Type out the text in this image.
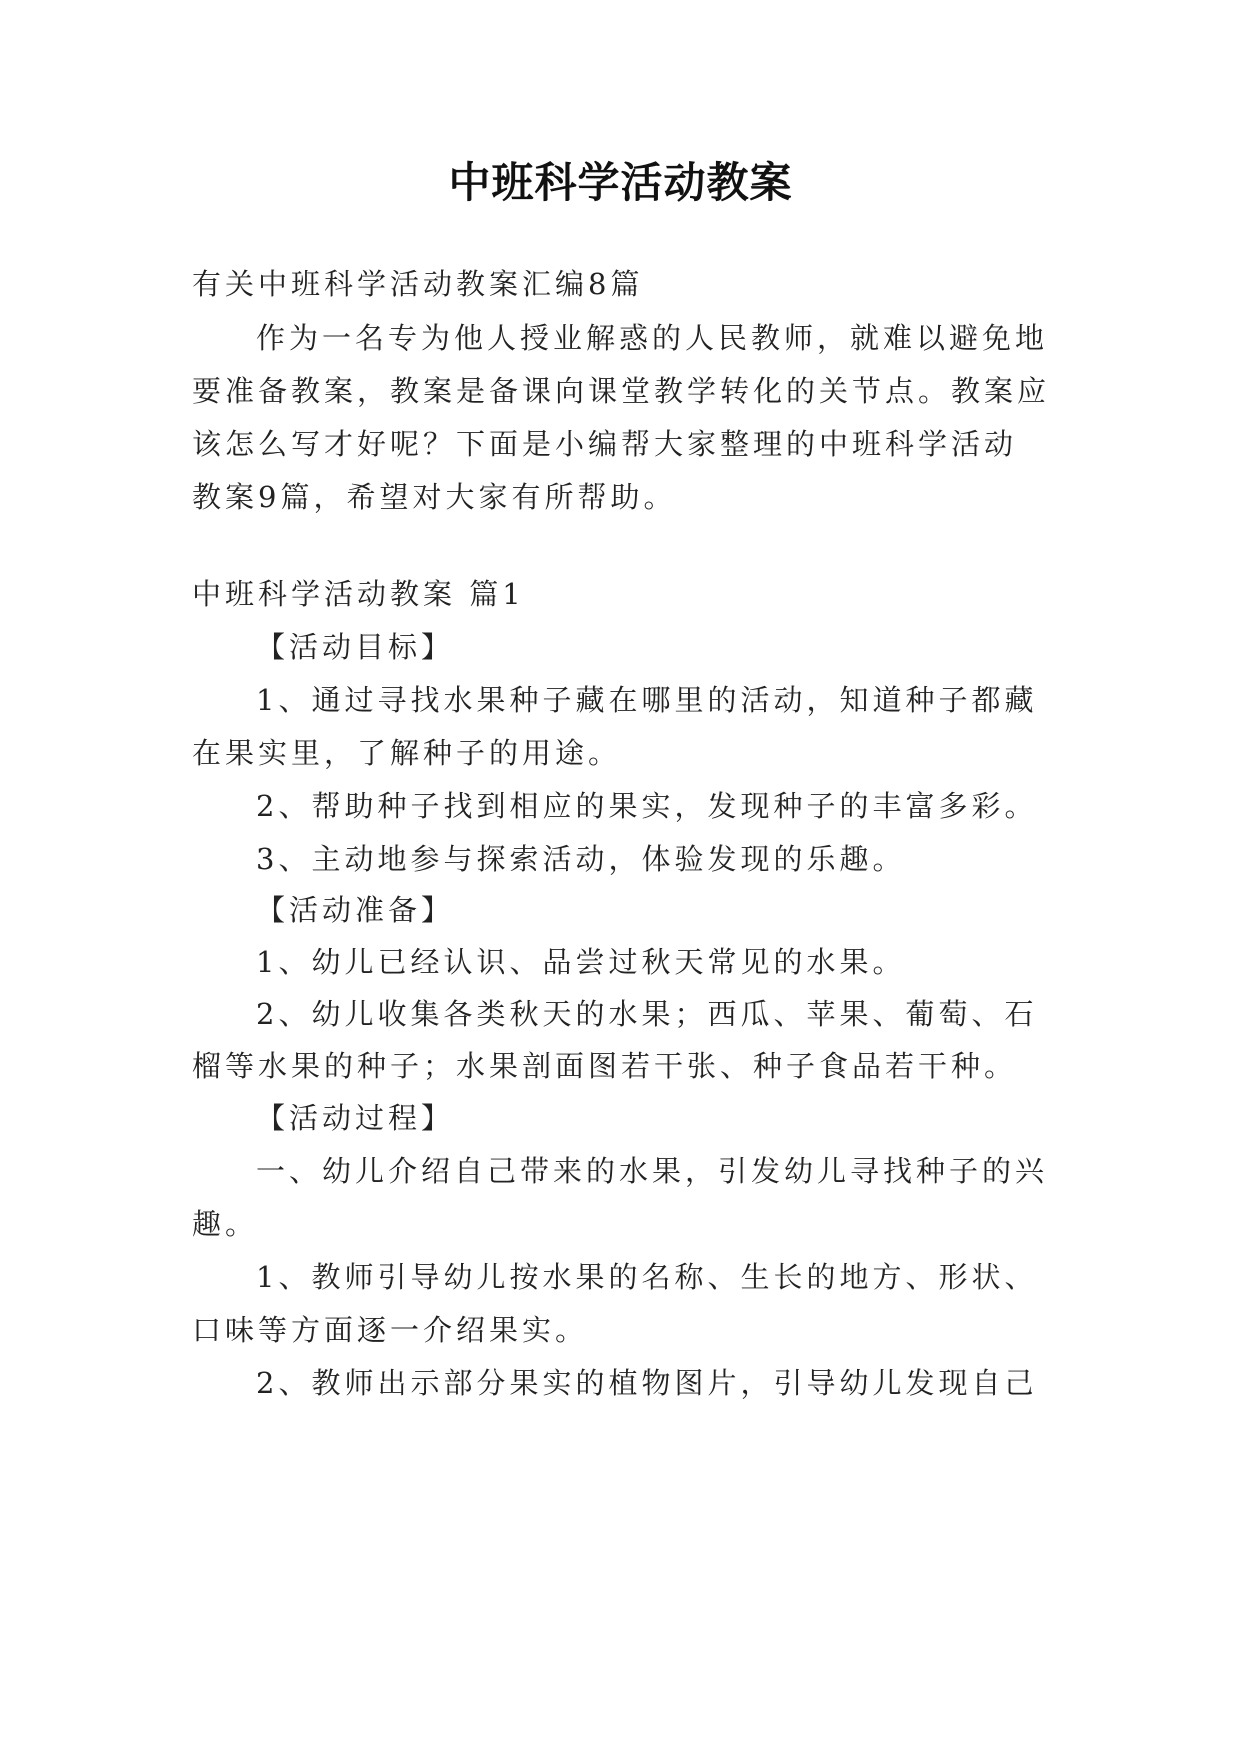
中班科学活动教案
有关中班科学活动教案汇编8篇
作为一名专为他人授业解惑的人民教师，就难以避免地
要准备教案，教案是备课向课堂教学转化的关节点。教案应
该怎么写才好呢？下面是小编帮大家整理的中班科学活动
教案9篇，希望对大家有所帮助。
中班科学活动教案 篇1
【活动目标】
1、通过寻找水果种子藏在哪里的活动，知道种子都藏
在果实里，了解种子的用途。
2、帮助种子找到相应的果实，发现种子的丰富多彩。
3、主动地参与探索活动，体验发现的乐趣。
【活动准备】
1、幼儿已经认识、品尝过秋天常见的水果。
2、幼儿收集各类秋天的水果；西瓜、苹果、葡萄、石
榴等水果的种子；水果剖面图若干张、种子食品若干种。
【活动过程】
一、幼儿介绍自己带来的水果，引发幼儿寻找种子的兴
趣。
1、教师引导幼儿按水果的名称、生长的地方、形状、
口味等方面逐一介绍果实。
2、教师出示部分果实的植物图片，引导幼儿发现自己
